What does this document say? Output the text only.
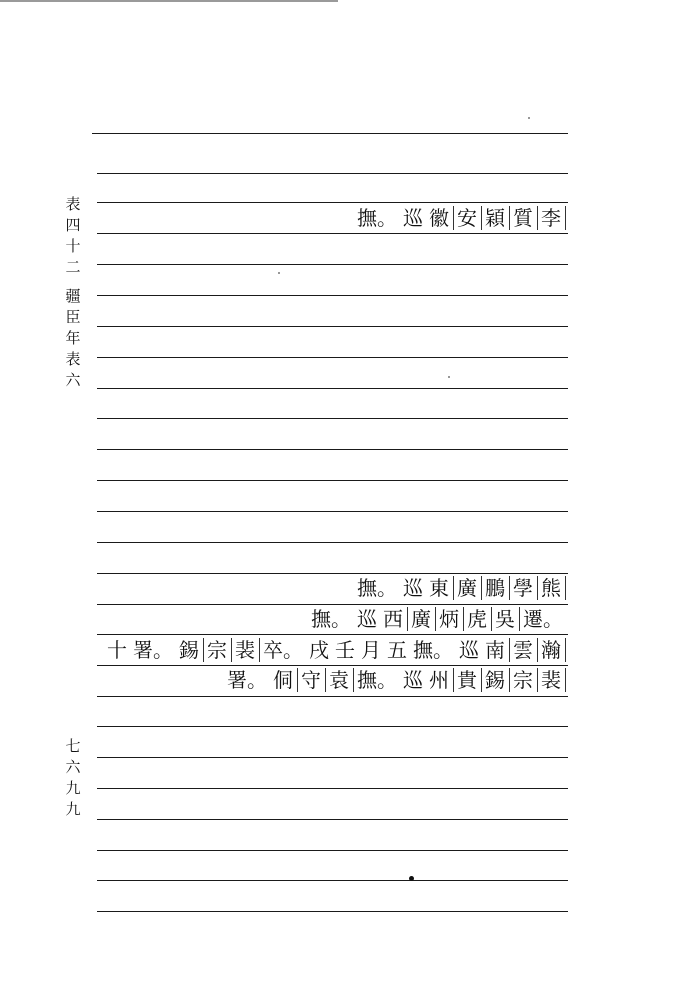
表
四
十
二
疆
臣
年
表
六
七
六
九
九
李
質
穎
安
徽
巡
撫。
熊
學
鵬
廣
東
巡
撫。
遷。
吳
虎
炳
廣
西
巡
撫。
瀚
雲
南
巡
撫。
五
月
壬
戌
卒。
裴
宗
錫
署。
十
裴
宗
錫
貴
州
巡
撫。
袁
守
侗
署。
